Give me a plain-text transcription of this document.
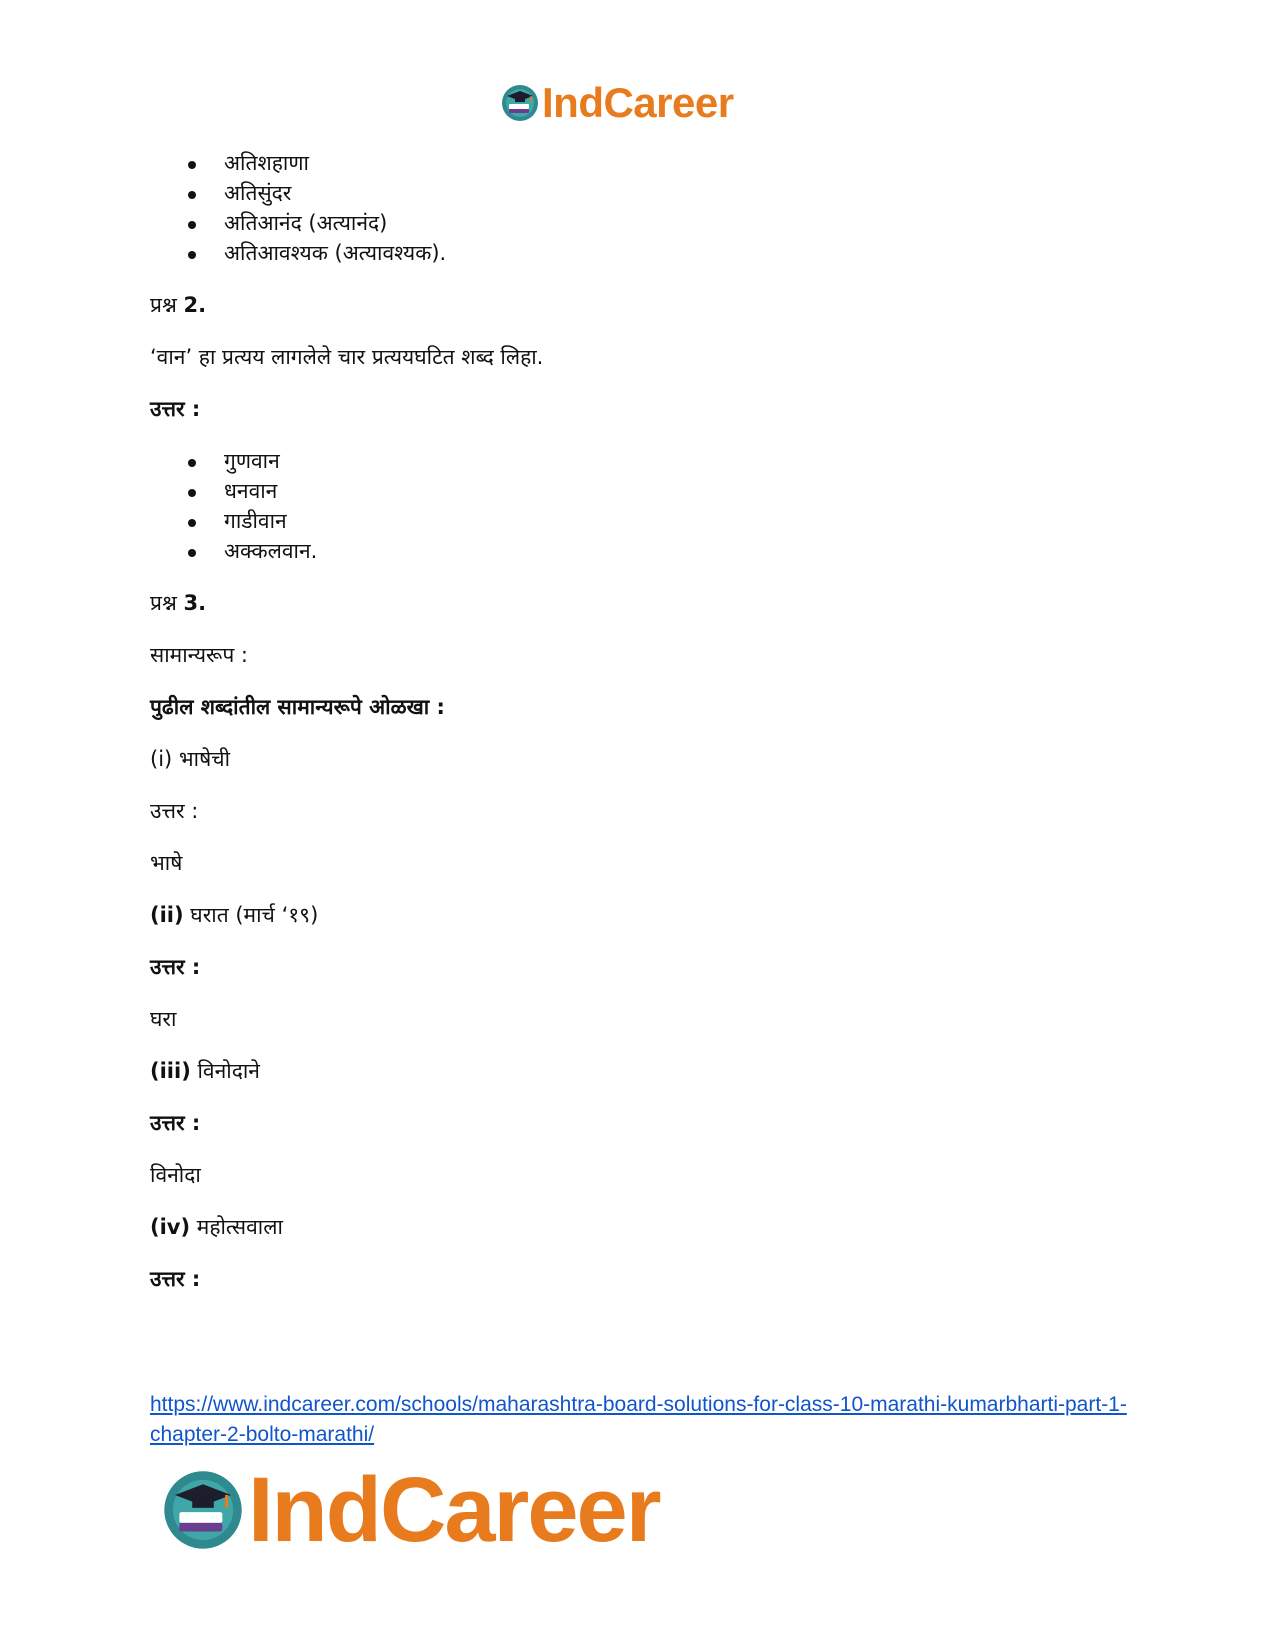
IndCareer
अतिशहाणा
अतिसुंदर
अतिआनंद (अत्यानंद)
अतिआवश्यक (अत्यावश्यक).

प्रश्न 2.

‘वान’ हा प्रत्यय लागलेले चार प्रत्ययघटित शब्द लिहा.

उत्तर :

गुणवान
धनवान
गाडीवान
अक्कलवान.

प्रश्न 3.

सामान्यरूप :

पुढील शब्दांतील सामान्यरूपे ओळखा :

(i) भाषेची

उत्तर :

भाषे

(ii) घरात (मार्च ‘१९)

उत्तर :

घरा

(iii) विनोदाने

उत्तर :

विनोदा

(iv) महोत्सवाला

उत्तर :

https://www.indcareer.com/schools/maharashtra-board-solutions-for-class-10-marathi-kumarbharti-part-1-chapter-2-bolto-marathi/
IndCareer
